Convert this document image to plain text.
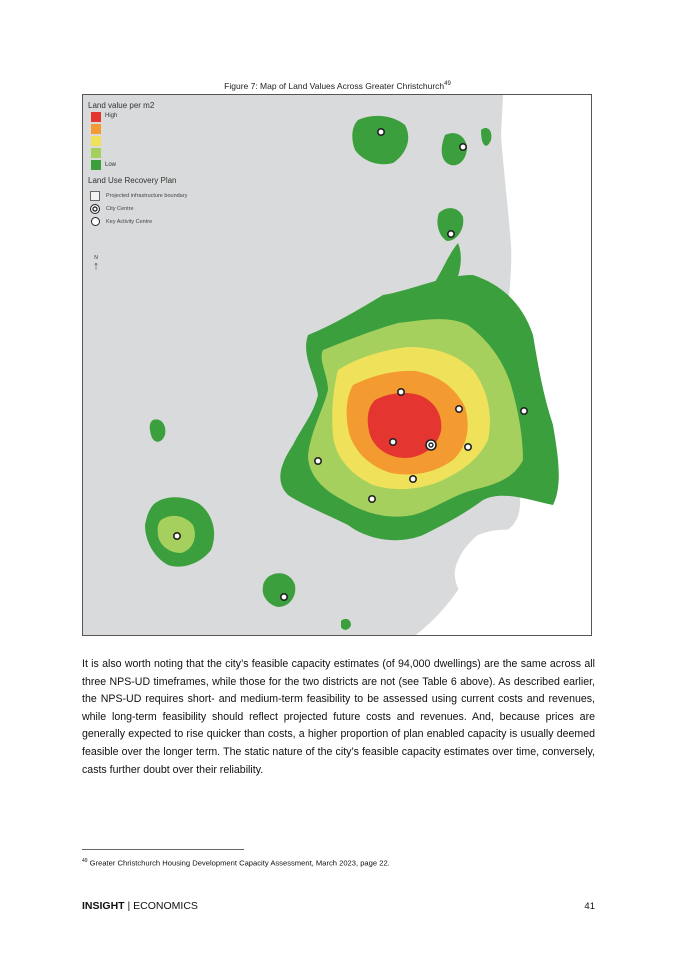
Figure 7: Map of Land Values Across Greater Christchurch$^{49}$
Land value per m2
High
Low
Land Use Recovery Plan
Projected infrastructure boundary
City Centre
Key Activity Centre
N
↑
It is also worth noting that the city’s feasible capacity estimates (of 94,000 dwellings) are the same across all three NPS-UD timeframes, while those for the two districts are not (see Table 6 above). As described earlier, the NPS-UD requires short- and medium-term feasibility to be assessed using current costs and revenues, while long-term feasibility should reflect projected future costs and revenues. And, because prices are generally expected to rise quicker than costs, a higher proportion of plan enabled capacity is usually deemed feasible over the longer term. The static nature of the city’s feasible capacity estimates over time, conversely, casts further doubt over their reliability.
$^{49}$ Greater Christchurch Housing Development Capacity Assessment, March 2023, page 22.
INSIGHT | ECONOMICS	41
